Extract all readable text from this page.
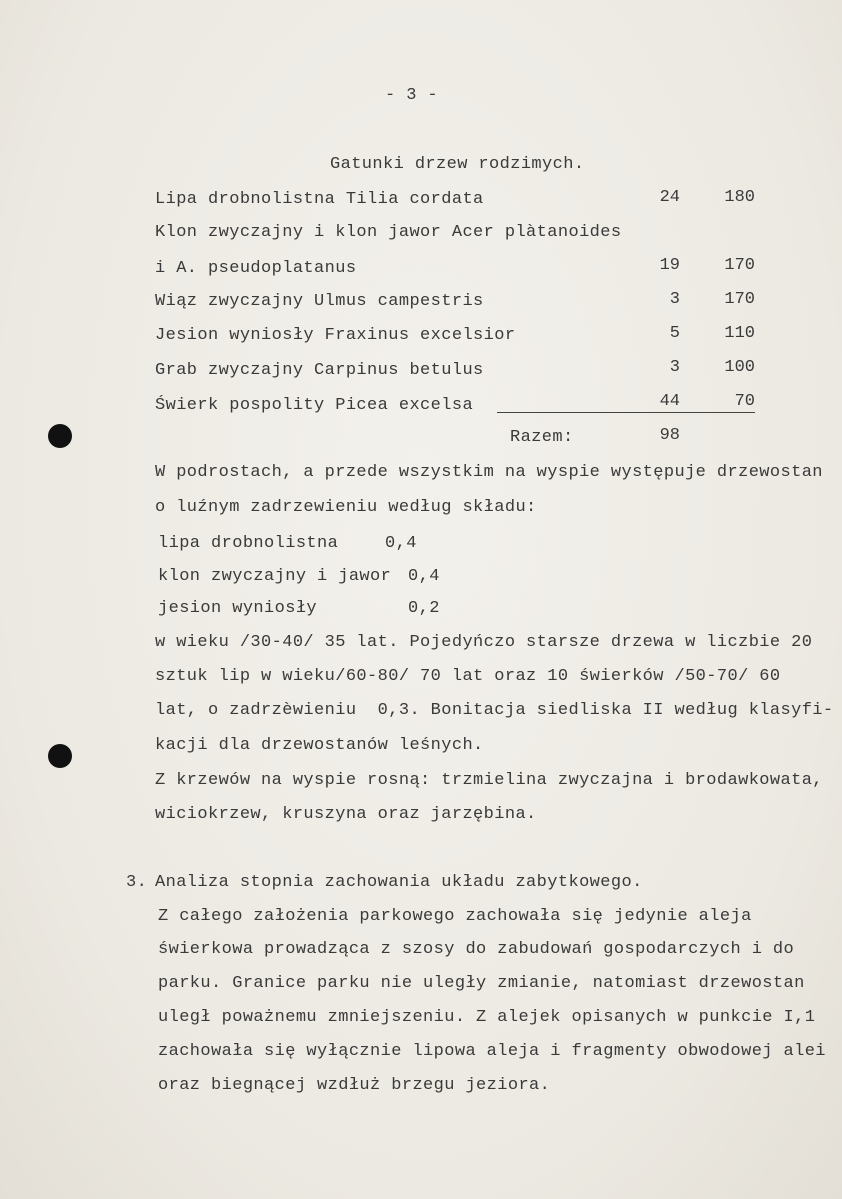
- 3 -
Gatunki drzew rodzimych.
Lipa drobnolistna Tilia cordata	24	180
Klon zwyczajny i klon jawor Acer plàtanoides
i A. pseudoplatanus	19	170
Wiąz zwyczajny Ulmus campestris	3	170
Jesion wyniosły Fraxinus excelsior	5	110
Grab zwyczajny Carpinus betulus	3	100
Świerk pospolity Picea excelsa	44	70
Razem:	98
W podrostach, a przede wszystkim na wyspie występuje drzewostan
o luźnym zadrzewieniu według składu:
lipa drobnolistna	0,4
klon zwyczajny i jawor 0,4
jesion wyniosły	0,2
w wieku /30-40/ 35 lat. Pojedyńczo starsze drzewa w liczbie 20
sztuk lip w wieku/60-80/ 70 lat oraz 10 świerków /50-70/ 60
lat, o zadrzèwieniu  0,3. Bonitacja siedliska II według klasyfi-
kacji dla drzewostanów leśnych.
Z krzewów na wyspie rosną: trzmielina zwyczajna i brodawkowata,
wiciokrzew, kruszyna oraz jarzębina.
3. Analiza stopnia zachowania układu zabytkowego.
Z całego założenia parkowego zachowała się jedynie aleja
świerkowa prowadząca z szosy do zabudowań gospodarczych i do
parku. Granice parku nie uległy zmianie, natomiast drzewostan
uległ poważnemu zmniejszeniu. Z alejek opisanych w punkcie I,1
zachowała się wyłącznie lipowa aleja i fragmenty obwodowej alei
oraz biegnącej wzdłuż brzegu jeziora.
